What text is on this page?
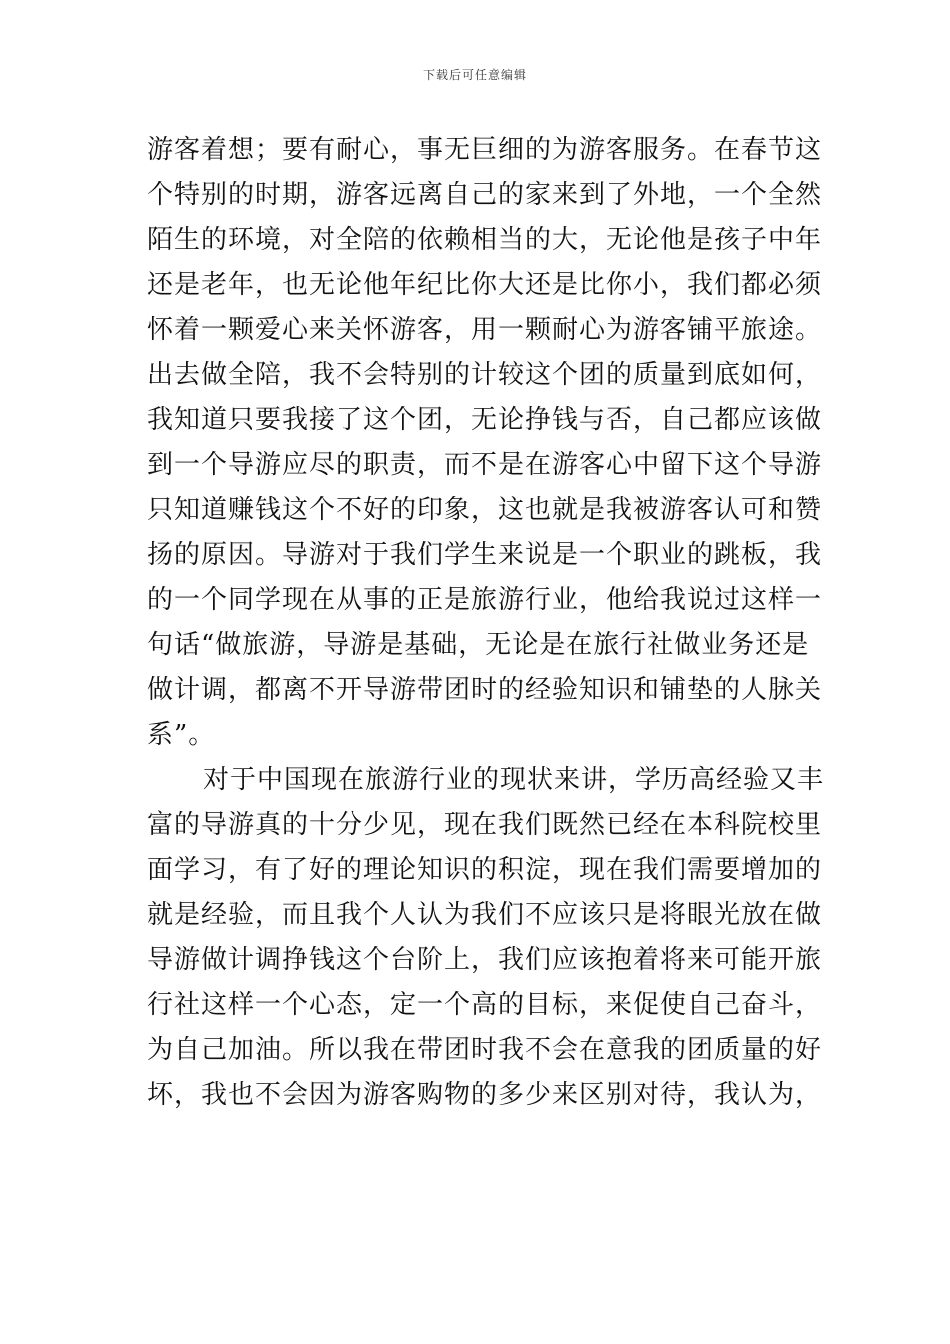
下载后可任意编辑
游客着想；要有耐心，事无巨细的为游客服务。在春节这
个特别的时期，游客远离自己的家来到了外地，一个全然
陌生的环境，对全陪的依赖相当的大，无论他是孩子中年
还是老年，也无论他年纪比你大还是比你小，我们都必须
怀着一颗爱心来关怀游客，用一颗耐心为游客铺平旅途。
出去做全陪，我不会特别的计较这个团的质量到底如何，
我知道只要我接了这个团，无论挣钱与否，自己都应该做
到一个导游应尽的职责，而不是在游客心中留下这个导游
只知道赚钱这个不好的印象，这也就是我被游客认可和赞
扬的原因。导游对于我们学生来说是一个职业的跳板，我
的一个同学现在从事的正是旅游行业，他给我说过这样一
句话“做旅游，导游是基础，无论是在旅行社做业务还是
做计调，都离不开导游带团时的经验知识和铺垫的人脉关
系”。
对于中国现在旅游行业的现状来讲，学历高经验又丰
富的导游真的十分少见，现在我们既然已经在本科院校里
面学习，有了好的理论知识的积淀，现在我们需要增加的
就是经验，而且我个人认为我们不应该只是将眼光放在做
导游做计调挣钱这个台阶上，我们应该抱着将来可能开旅
行社这样一个心态，定一个高的目标，来促使自己奋斗，
为自己加油。所以我在带团时我不会在意我的团质量的好
坏，我也不会因为游客购物的多少来区别对待，我认为，
